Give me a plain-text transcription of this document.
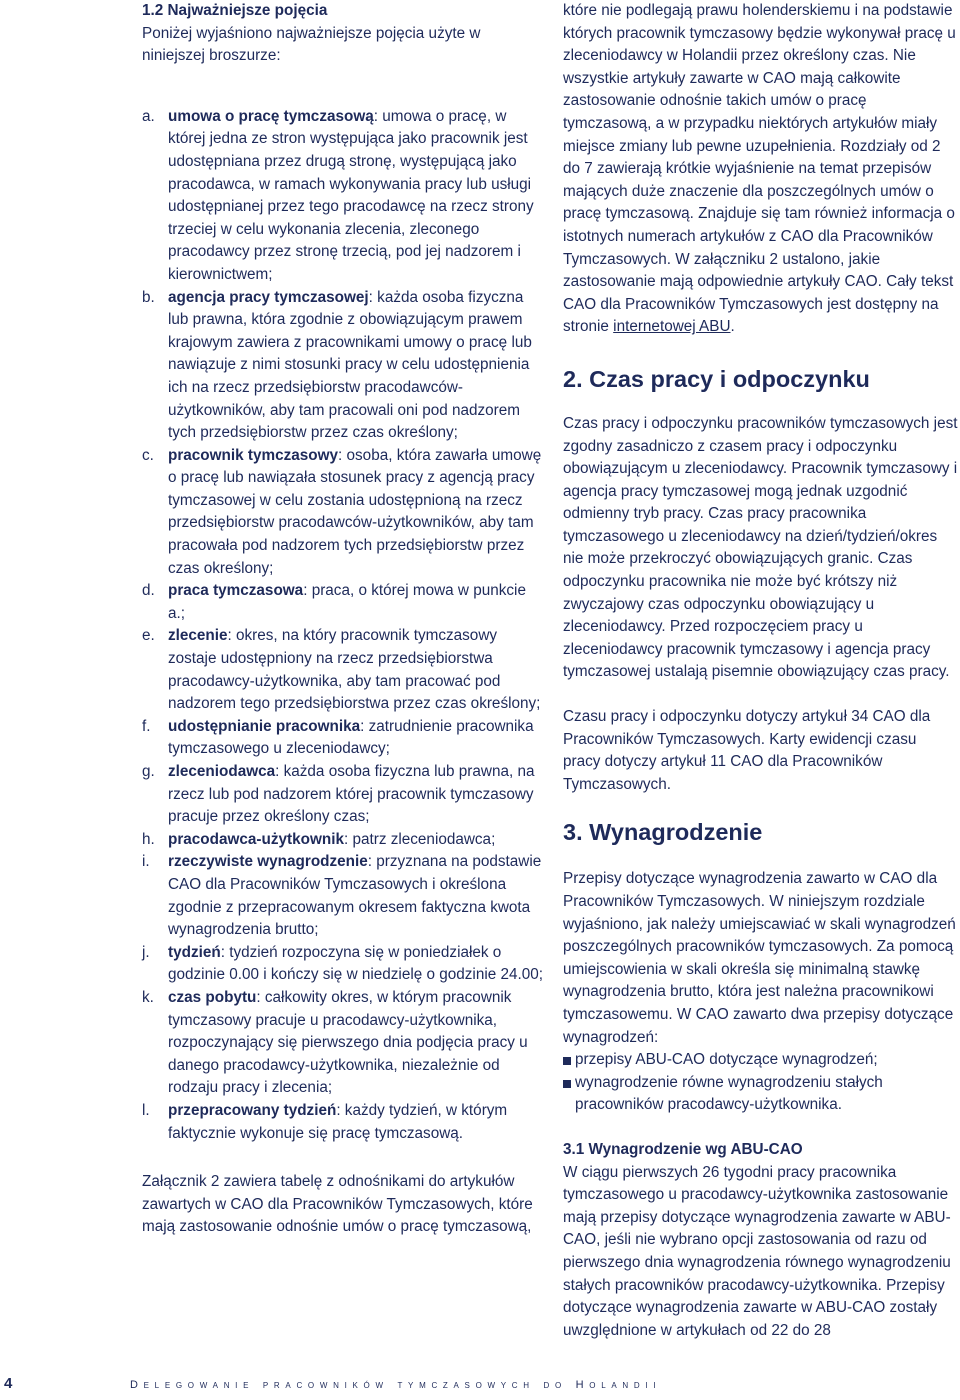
1.2 Najważniejsze pojęcia

Poniżej wyjaśniono najważniejsze pojęcia użyte w niniejszej broszurze:

a. umowa o pracę tymczasową: umowa o pracę, w której jedna ze stron występująca jako pracownik jest udostępniana przez drugą stronę, występującą jako pracodawca, w ramach wykonywania pracy lub usługi udostępnianej przez tego pracodawcę na rzecz strony trzeciej w celu wykonania zlecenia, zleconego pracodawcy przez stronę trzecią, pod jej nadzorem i kierownictwem;
b. agencja pracy tymczasowej: każda osoba fizyczna lub prawna, która zgodnie z obowiązującym prawem krajowym zawiera z pracownikami umowy o pracę lub nawiązuje z nimi stosunki pracy w celu udostępnienia ich na rzecz przedsiębiorstw pracodawców-użytkowników, aby tam pracowali oni pod nadzorem tych przedsiębiorstw przez czas określony;
c. pracownik tymczasowy: osoba, która zawarła umowę o pracę lub nawiązała stosunek pracy z agencją pracy tymczasowej w celu zostania udostępnioną na rzecz przedsiębiorstw pracodawców-użytkowników, aby tam pracowała pod nadzorem tych przedsiębiorstw przez czas określony;
d. praca tymczasowa: praca, o której mowa w punkcie a.;
e. zlecenie: okres, na który pracownik tymczasowy zostaje udostępniony na rzecz przedsiębiorstwa pracodawcy-użytkownika, aby tam pracować pod nadzorem tego przedsiębiorstwa przez czas określony;
f. udostępnianie pracownika: zatrudnienie pracownika tymczasowego u zleceniodawcy;
g. zleceniodawca: każda osoba fizyczna lub prawna, na rzecz lub pod nadzorem której pracownik tymczasowy pracuje przez określony czas;
h. pracodawca-użytkownik: patrz zleceniodawca;
i. rzeczywiste wynagrodzenie: przyznana na podstawie CAO dla Pracowników Tymczasowych i określona zgodnie z przepracowanym okresem faktyczna kwota wynagrodzenia brutto;
j. tydzień: tydzień rozpoczyna się w poniedziałek o godzinie 0.00 i kończy się w niedzielę o godzinie 24.00;
k. czas pobytu: całkowity okres, w którym pracownik tymczasowy pracuje u pracodawcy-użytkownika, rozpoczynający się pierwszego dnia podjęcia pracy u danego pracodawcy-użytkownika, niezależnie od rodzaju pracy i zlecenia;
l. przepracowany tydzień: każdy tydzień, w którym faktycznie wykonuje się pracę tymczasową.

Załącznik 2 zawiera tabelę z odnośnikami do artykułów zawartych w CAO dla Pracowników Tymczasowych, które mają zastosowanie odnośnie umów o pracę tymczasową,

które nie podlegają prawu holenderskiemu i na podstawie których pracownik tymczasowy będzie wykonywał pracę u zleceniodawcy w Holandii przez określony czas. Nie wszystkie artykuły zawarte w CAO mają całkowite zastosowanie odnośnie takich umów o pracę tymczasową, a w przypadku niektórych artykułów miały miejsce zmiany lub pewne uzupełnienia. Rozdziały od 2 do 7 zawierają krótkie wyjaśnienie na temat przepisów mających duże znaczenie dla poszczególnych umów o pracę tymczasową. Znajduje się tam również informacja o istotnych numerach artykułów z CAO dla Pracowników Tymczasowych. W załączniku 2 ustalono, jakie zastosowanie mają odpowiednie artykuły CAO. Cały tekst CAO dla Pracowników Tymczasowych jest dostępny na stronie internetowej ABU.

2. Czas pracy i odpoczynku

Czas pracy i odpoczynku pracowników tymczasowych jest zgodny zasadniczo z czasem pracy i odpoczynku obowiązującym u zleceniodawcy. Pracownik tymczasowy i agencja pracy tymczasowej mogą jednak uzgodnić odmienny tryb pracy. Czas pracy pracownika tymczasowego u zleceniodawcy na dzień/tydzień/okres nie może przekroczyć obowiązujących granic. Czas odpoczynku pracownika nie może być krótszy niż zwyczajowy czas odpoczynku obowiązujący u zleceniodawcy. Przed rozpoczęciem pracy u zleceniodawcy pracownik tymczasowy i agencja pracy tymczasowej ustalają pisemnie obowiązujący czas pracy.

Czasu pracy i odpoczynku dotyczy artykuł 34 CAO dla Pracowników Tymczasowych. Karty ewidencji czasu pracy dotyczy artykuł 11 CAO dla Pracowników Tymczasowych.

3. Wynagrodzenie

Przepisy dotyczące wynagrodzenia zawarto w CAO dla Pracowników Tymczasowych. W niniejszym rozdziale wyjaśniono, jak należy umiejscawiać w skali wynagrodzeń poszczególnych pracowników tymczasowych. Za pomocą umiejscowienia w skali określa się minimalną stawkę wynagrodzenia brutto, która jest należna pracownikowi tymczasowemu. W CAO zawarto dwa przepisy dotyczące wynagrodzeń:

przepisy ABU-CAO dotyczące wynagrodzeń;
wynagrodzenie równe wynagrodzeniu stałych pracowników pracodawcy-użytkownika.
3.1 Wynagrodzenie wg ABU-CAO

W ciągu pierwszych 26 tygodni pracy pracownika tymczasowego u pracodawcy-użytkownika zastosowanie mają przepisy dotyczące wynagrodzenia zawarte w ABU-CAO, jeśli nie wybrano opcji zastosowania od razu od pierwszego dnia wynagrodzenia równego wynagrodzeniu stałych pracowników pracodawcy-użytkownika. Przepisy dotyczące wynagrodzenia zawarte w ABU-CAO zostały uwzględnione w artykułach od 22 do 28

4	Delegowanie pracowników tymczasowych do Holandii
